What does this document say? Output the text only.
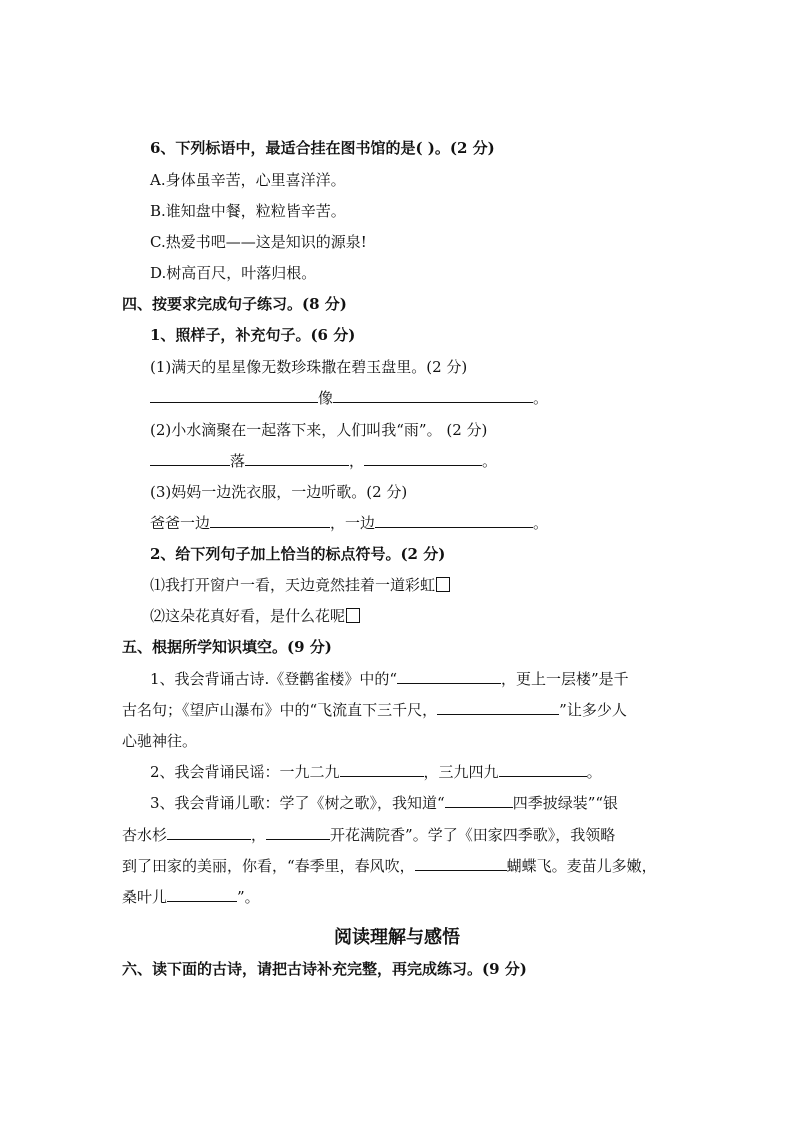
6、下列标语中，最适合挂在图书馆的是( )。(2 分)
A.身体虽辛苦，心里喜洋洋。
B.谁知盘中餐，粒粒皆辛苦。
C.热爱书吧——这是知识的源泉!
D.树高百尺，叶落归根。
四、按要求完成句子练习。(8 分)
1、照样子，补充句子。(6 分)
(1)满天的星星像无数珍珠撒在碧玉盘里。(2 分)
像	。
(2)小水滴聚在一起落下来，人们叫我“雨”。 (2 分)
落	，	。
(3)妈妈一边洗衣服，一边听歌。(2 分)
爸爸一边	，一边	。
2、给下列句子加上恰当的标点符号。(2 分)
⑴我打开窗户一看，天边竟然挂着一道彩虹
⑵这朵花真好看，是什么花呢
五、根据所学知识填空。(9 分)
1、我会背诵古诗.《登鹳雀楼》中的“	，更上一层楼”是千
古名句；《望庐山瀑布》中的“飞流直下三千尺，	”让多少人
心驰神往。
2、我会背诵民谣：一九二九	，三九四九	。
3、我会背诵儿歌：学了《树之歌》，我知道“	四季披绿装”“银
杏水杉	，	开花满院香”。学了《田家四季歌》，我领略
到了田家的美丽，你看，“春季里，春风吹，	蝴蝶飞。麦苗儿多嫩，
桑叶儿	”。
阅读理解与感悟
六、读下面的古诗，请把古诗补充完整，再完成练习。(9 分)
